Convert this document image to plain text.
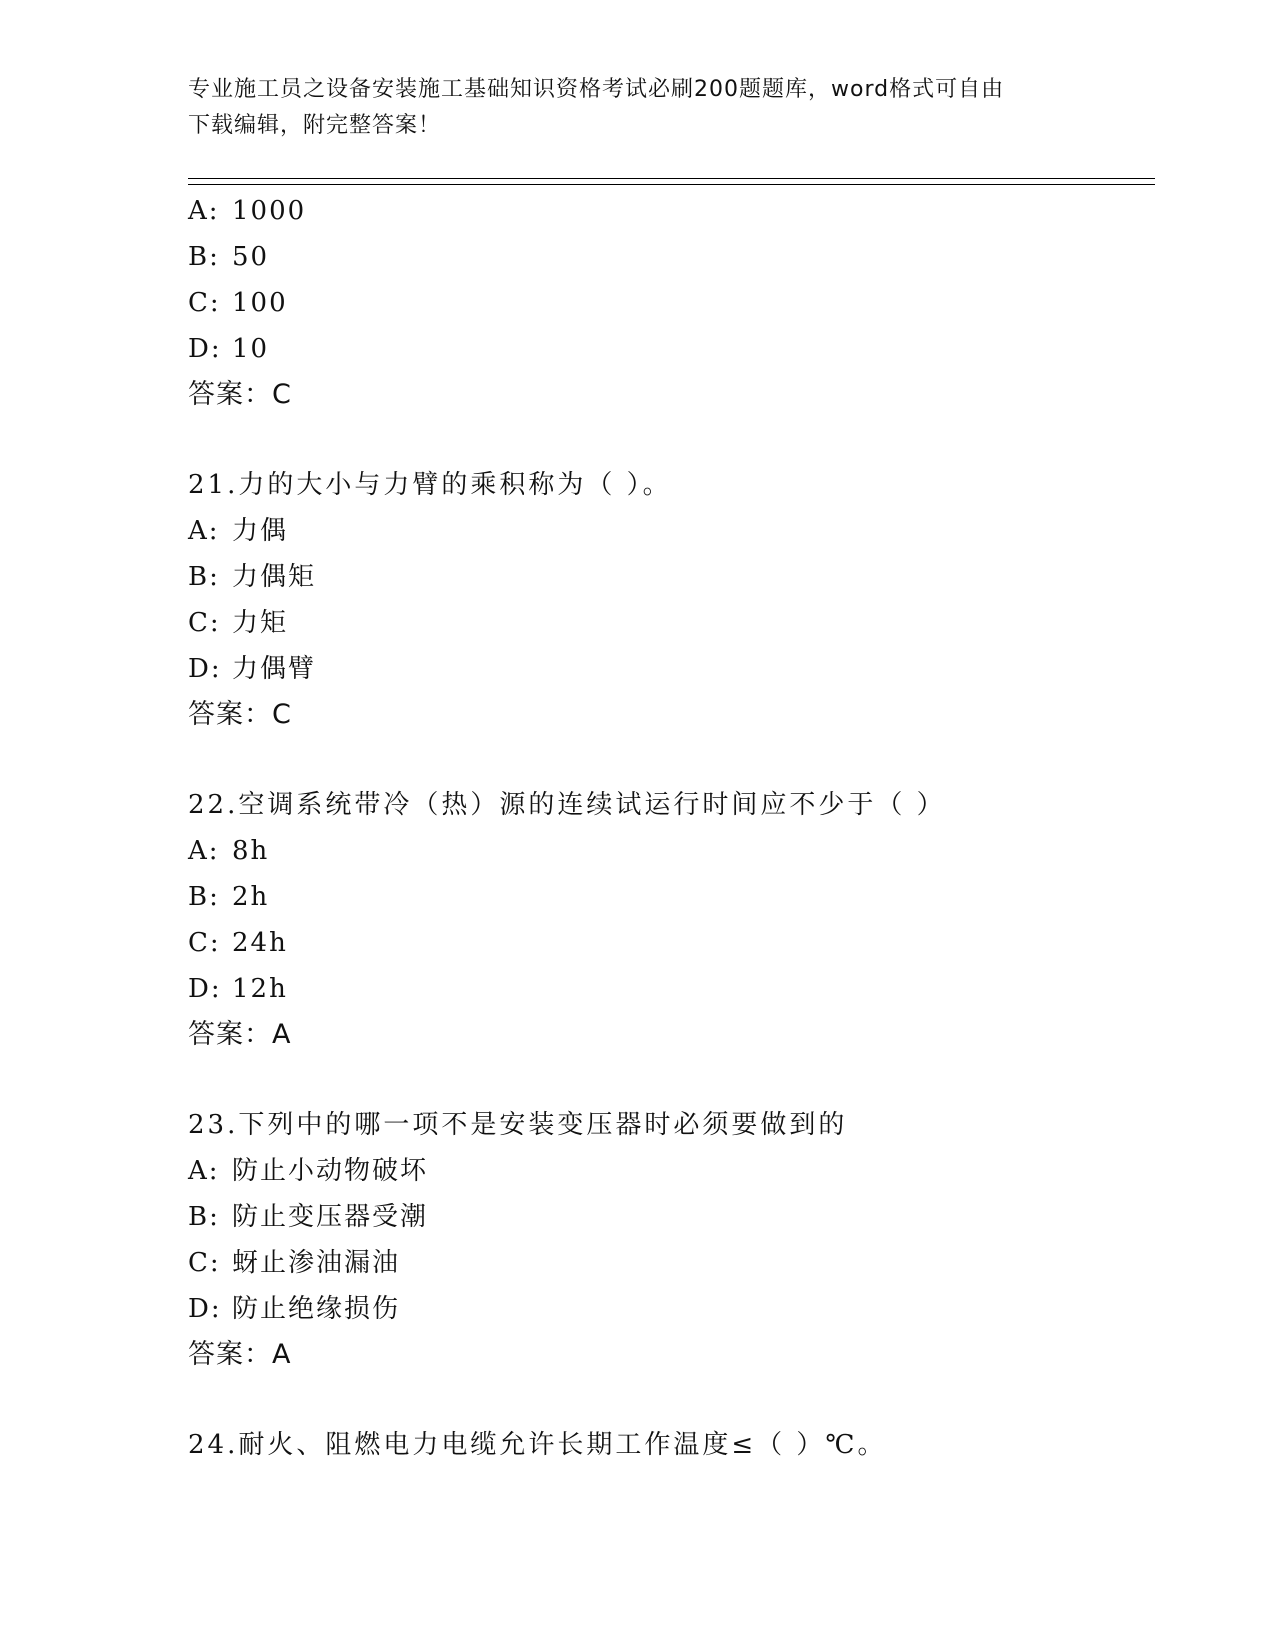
专业施工员之设备安装施工基础知识资格考试必刷200题题库，word格式可自由
下载编辑，附完整答案！
A: 1000
B: 50
C: 100
D: 10
答案：C
21.力的大小与力臂的乘积称为（ ）。
A: 力偶
B: 力偶矩
C: 力矩
D: 力偶臂
答案：C
22.空调系统带冷（热）源的连续试运行时间应不少于（ ）
A: 8h
B: 2h
C: 24h
D: 12h
答案：A
23.下列中的哪一项不是安装变压器时必须要做到的
A: 防止小动物破坏
B: 防止变压器受潮
C: 蚜止渗油漏油
D: 防止绝缘损伤
答案：A
24.耐火、阻燃电力电缆允许长期工作温度≤（ ）℃。
